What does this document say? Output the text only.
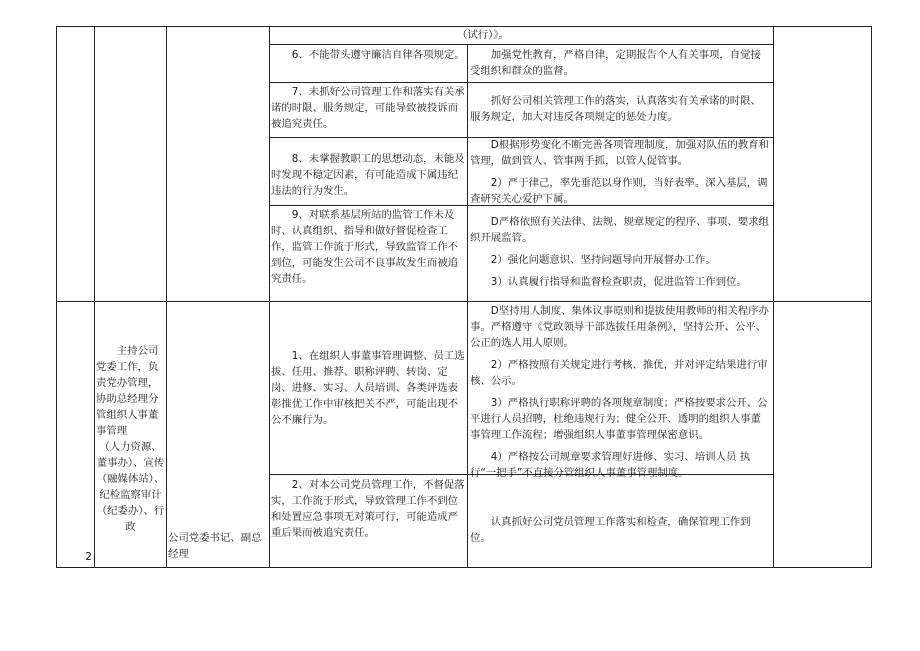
（试行）》。
6、不能带头遵守廉洁自律各项规定。	加强党性教育，严格自律，定期报告个人有关事项，自觉接受组织和群众的监督。
7、未抓好公司管理工作和落实有关承诺的时限、服务规定，可能导致被投诉而被追究责任。
抓好公司相关管理工作的落实，认真落实有关承诺的时限、服务规定，加大对违反各项规定的惩处力度。
8、未掌握教职工的思想动态，未能及时发现不稳定因素，有可能造成下属违纪违法的行为发生。

D根据形势变化不断完善各项管理制度，加强对队伍的教育和管理，做到管人、管事两手抓，以管人促管事。

2）严于律己，率先垂范以身作则，当好表率。深入基层，调查研究关心爱护下属。

9、对联系基层所站的监管工作未及时、认真组织、指导和做好督促检查工作，监管工作流于形式，导致监管工作不到位，可能发生公司不良事故发生而被追究责任。

D严格依照有关法律、法规、规章规定的程序、事项、要求组织开展监管。

2）强化问题意识、坚持问题导向开展督办工作。

3）认真履行指导和监督检查职责，促进监管工作到位。

2

主持公司党委工作，负责党办管理，协助总经理分管组织人事董事管理

（人力资源、董事办）、宣传

（融媒体站）、纪检监察审计（纪委办）、行政

公司党委书记、副总经理
1、在组织人事董事管理调整、员工选拔、任用、推荐、职称评聘、转岗、定岗、进修、实习、人员培训、各类评选表彰推优工作中审核把关不严，可能出现不公不廉行为。

D坚持用人制度、集体议事原则和提拔使用教师的相关程序办事。严格遵守《党政领导干部选拔任用条例》，坚持公开、公平、公正的选人用人原则。

2）严格按照有关规定进行考核、推优，并对评定结果进行审核、公示。

3）严格执行职称评聘的各项规章制度；严格按要求公开、公平进行人员招聘，杜绝违规行为；健全公开、透明的组织人事董事管理工作流程；增强组织人事董事管理保密意识。

4）严格按公司规章要求管理好进修、实习、培训人员 执行“一把手”不直接分管组织人事董事管理制度。

2、对本公司党员管理工作，不督促落实，工作流于形式，导致管理工作不到位和处置应急事项无对策可行，可能造成严重后果而被追究责任。
认真抓好公司党员管理工作落实和检查，确保管理工作到位。
